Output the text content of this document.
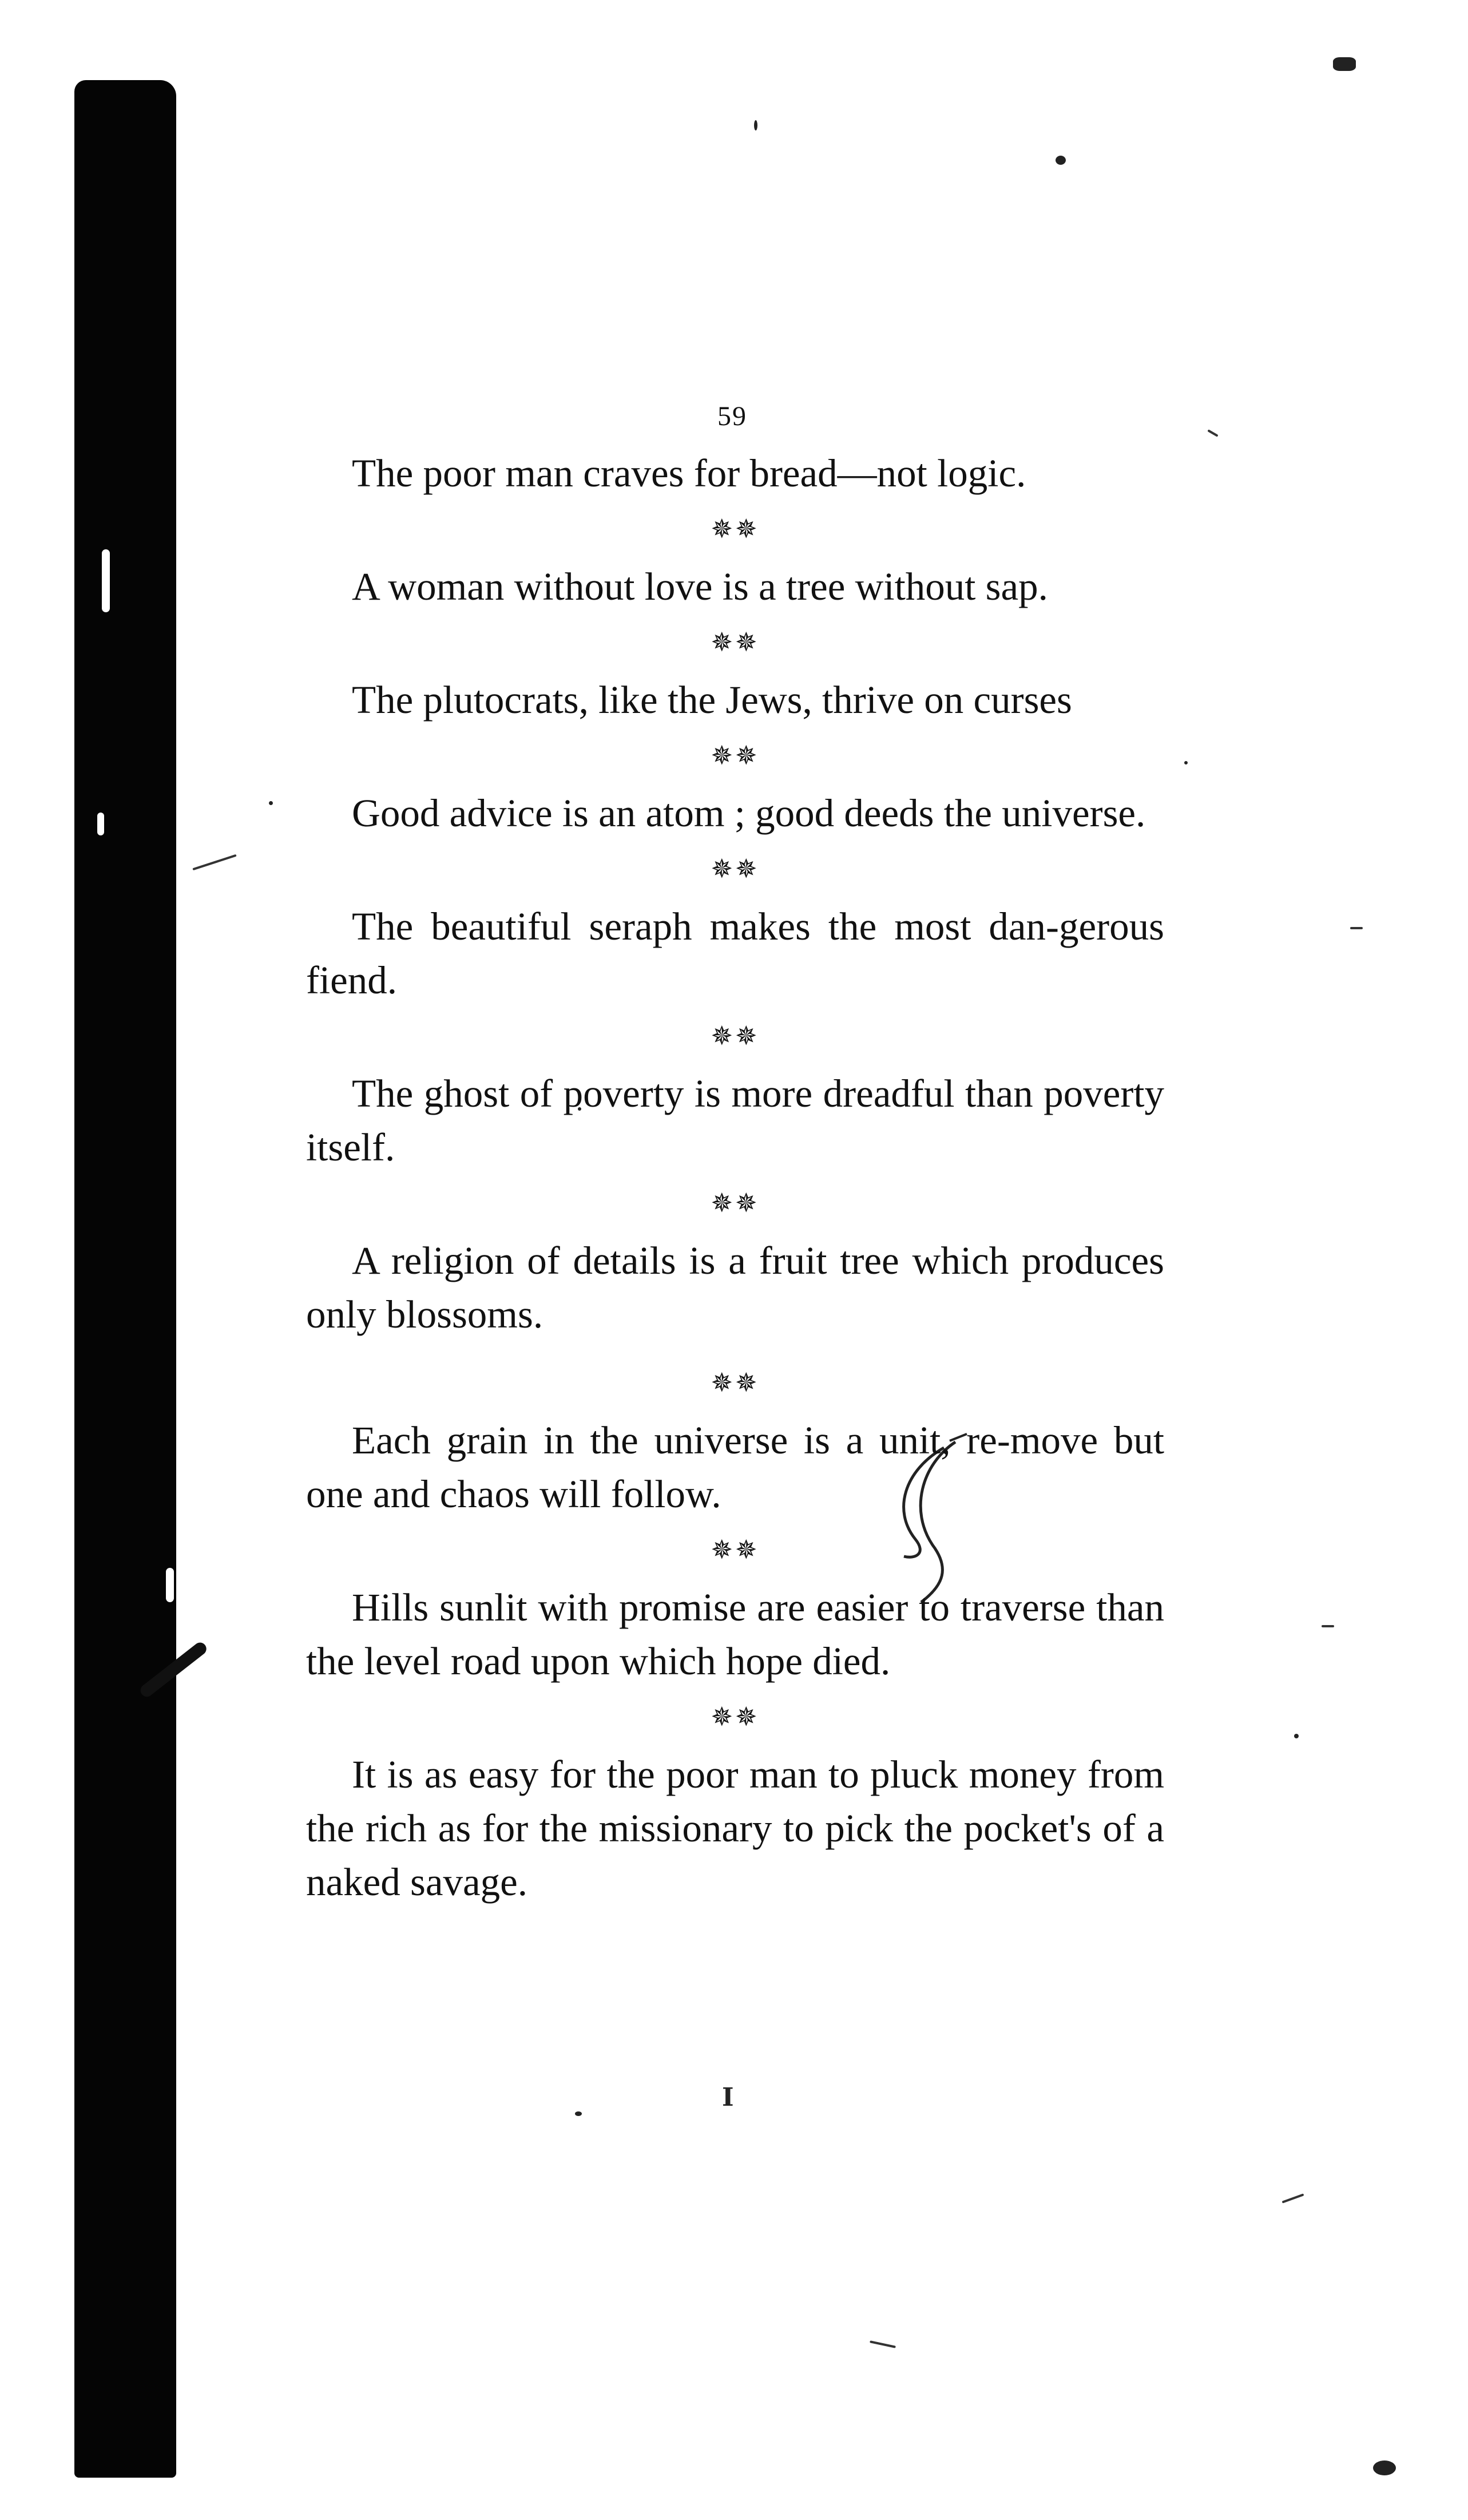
59

The poor man craves for bread—not logic.

✵✵

A woman without love is a tree without sap.

✵✵

The plutocrats, like the Jews, thrive on curses

✵✵

Good advice is an atom ; good deeds the universe.

✵✵

The beautiful seraph makes the most dan-gerous fiend.

✵✵

The ghost of poverty is more dreadful than poverty itself.

✵✵

A religion of details is a fruit tree which produces only blossoms.

✵✵

Each grain in the universe is a unit, re-move but one and chaos will follow.

✵✵

Hills sunlit with promise are easier to traverse than the level road upon which hope died.

✵✵

It is as easy for the poor man to pluck money from the rich as for the missionary to pick the pocket's of a naked savage.

I
